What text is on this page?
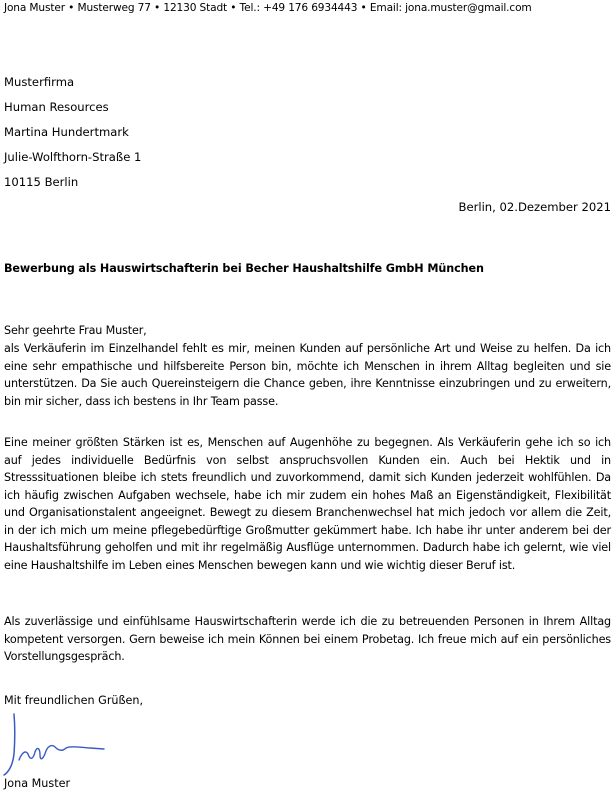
Jona Muster • Musterweg 77 • 12130 Stadt • Tel.: +49 176 6934443 • Email: jona.muster@gmail.com
Musterfirma
Human Resources
Martina Hundertmark
Julie-Wolfthorn-Straße 1
10115 Berlin
Berlin, 02.Dezember 2021
Bewerbung als Hauswirtschafterin bei Becher Haushaltshilfe GmbH München
Sehr geehrte Frau Muster,
als Verkäuferin im Einzelhandel fehlt es mir, meinen Kunden auf persönliche Art und Weise zu helfen. Da ich eine sehr empathische und hilfsbereite Person bin, möchte ich Menschen in ihrem Alltag begleiten und sie unterstützen. Da Sie auch Quereinsteigern die Chance geben, ihre Kenntnisse einzubringen und zu erweitern, bin mir sicher, dass ich bestens in Ihr Team passe.
Eine meiner größten Stärken ist es, Menschen auf Augenhöhe zu begegnen. Als Verkäuferin gehe ich so ich auf jedes individuelle Bedürfnis von selbst anspruchsvollen Kunden ein. Auch bei Hektik und in Stresssituationen bleibe ich stets freundlich und zuvorkommend, damit sich Kunden jederzeit wohlfühlen. Da ich häufig zwischen Aufgaben wechsele, habe ich mir zudem ein hohes Maß an Eigenständigkeit, Flexibilität und Organisationstalent angeeignet. Bewegt zu diesem Branchenwechsel hat mich jedoch vor allem die Zeit, in der ich mich um meine pflegebedürftige Großmutter gekümmert habe. Ich habe ihr unter anderem bei der Haushaltsführung geholfen und mit ihr regelmäßig Ausflüge unternommen. Dadurch habe ich gelernt, wie viel eine Haushaltshilfe im Leben eines Menschen bewegen kann und wie wichtig dieser Beruf ist.
Als zuverlässige und einfühlsame Hauswirtschafterin werde ich die zu betreuenden Personen in Ihrem Alltag kompetent versorgen. Gern beweise ich mein Können bei einem Probetag. Ich freue mich auf ein persönliches Vorstellungsgespräch.
Mit freundlichen Grüßen,
Jona Muster
